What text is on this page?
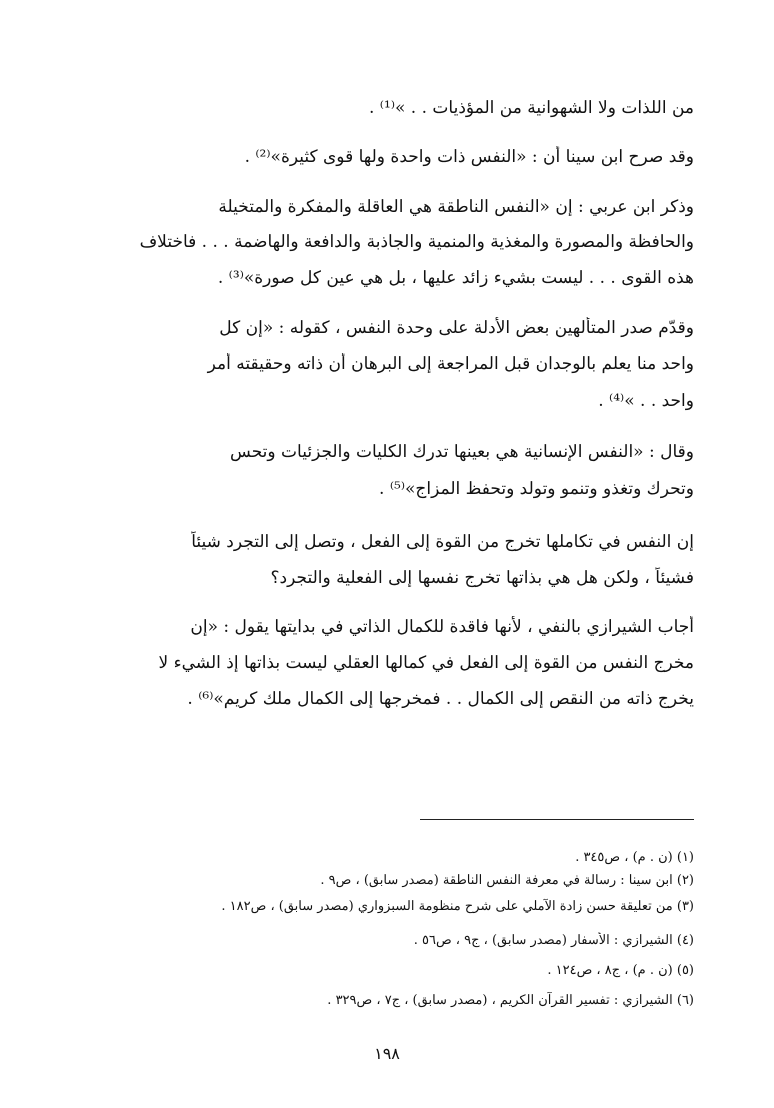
من اللذات ولا الشهوانية من المؤذيات . . »⁽¹⁾ .
وقد صرح ابن سينا أن : «النفس ذات واحدة ولها قوى كثيرة»⁽²⁾ .
وذكر ابن عربي : إن «النفس الناطقة هي العاقلة والمفكرة والمتخيلة
والحافظة والمصورة والمغذية والمنمية والجاذبة والدافعة والهاضمة . . . فاختلاف
هذه القوى . . . ليست بشيء زائد عليها ، بل هي عين كل صورة»⁽³⁾ .
وقدّم صدر المتألهين بعض الأدلة على وحدة النفس ، كقوله : «إن كل
واحد منا يعلم بالوجدان قبل المراجعة إلى البرهان أن ذاته وحقيقته أمر
واحد . . »⁽⁴⁾ .
وقال : «النفس الإنسانية هي بعينها تدرك الكليات والجزئيات وتحس
وتحرك وتغذو وتنمو وتولد وتحفظ المزاج»⁽⁵⁾ .
إن النفس في تكاملها تخرج من القوة إلى الفعل ، وتصل إلى التجرد شيئاً
فشيئاً ، ولكن هل هي بذاتها تخرج نفسها إلى الفعلية والتجرد؟
أجاب الشيرازي بالنفي ، لأنها فاقدة للكمال الذاتي في بدايتها يقول : «إن
مخرج النفس من القوة إلى الفعل في كمالها العقلي ليست بذاتها إذ الشيء لا
يخرج ذاته من النقص إلى الكمال . . فمخرجها إلى الكمال ملك كريم»⁽⁶⁾ .
(١) (ن . م) ، ص٣٤٥ .
(٢) ابن سينا : رسالة في معرفة النفس الناطقة (مصدر سابق) ، ص٩ .
(٣) من تعليقة حسن زادة الآملي على شرح منظومة السبزواري (مصدر سابق) ، ص١٨٢ .
(٤) الشيرازي : الأسفار (مصدر سابق) ، ج٩ ، ص٥٦ .
(٥) (ن . م) ، ج٨ ، ص١٢٤ .
(٦) الشيرازي : تفسير القرآن الكريم ، (مصدر سابق) ، ج٧ ، ص٣٢٩ .
١٩٨
